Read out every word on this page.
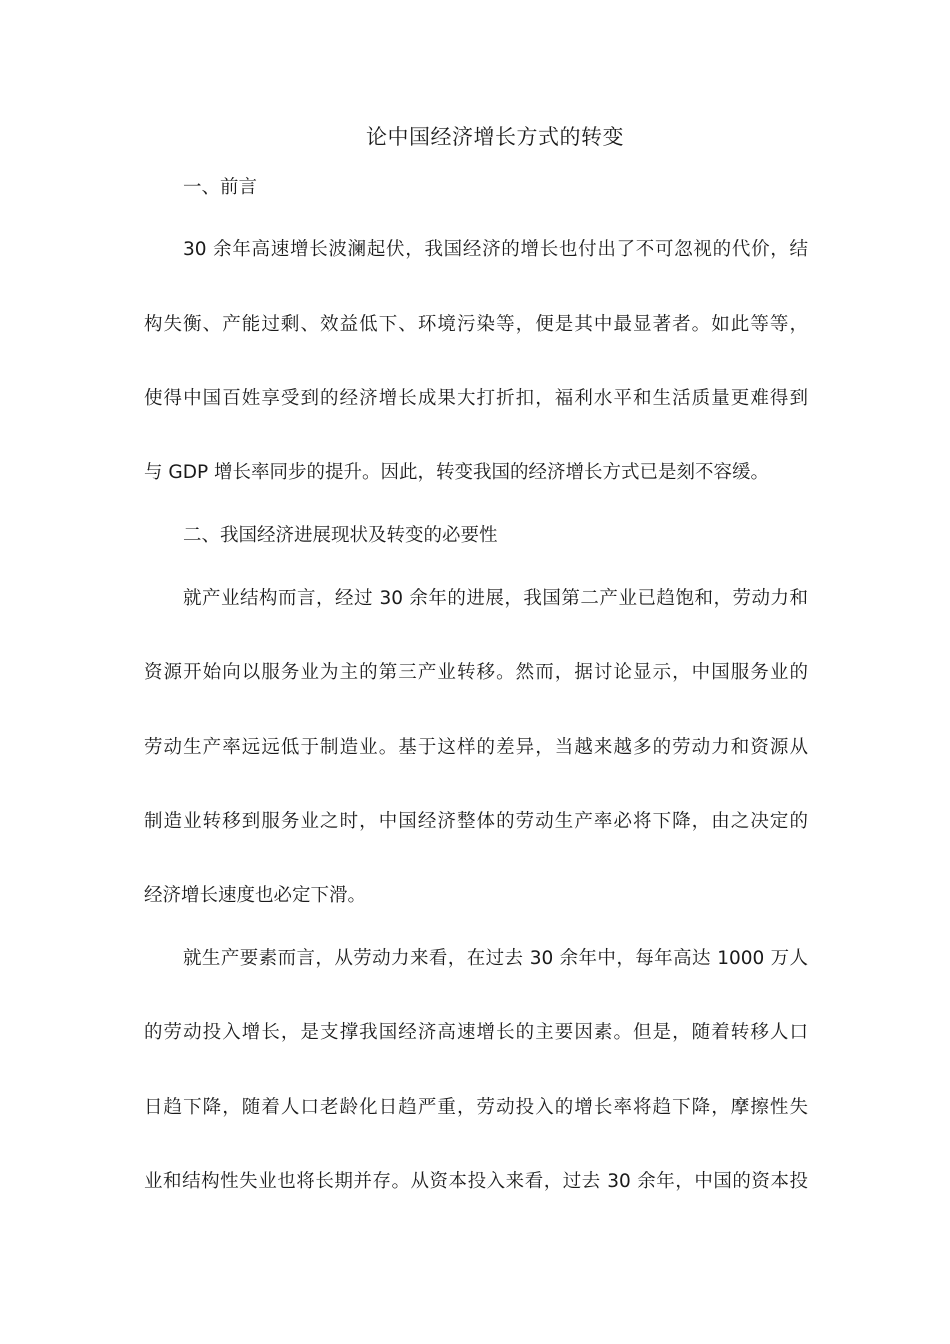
论中国经济增长方式的转变
一、前言
30 余年高速增长波澜起伏，我国经济的增长也付出了不可忽视的代价，结
构失衡、产能过剩、效益低下、环境污染等，便是其中最显著者。如此等等，
使得中国百姓享受到的经济增长成果大打折扣，福利水平和生活质量更难得到
与 GDP 增长率同步的提升。因此，转变我国的经济增长方式已是刻不容缓。
二、我国经济进展现状及转变的必要性
就产业结构而言，经过 30 余年的进展，我国第二产业已趋饱和，劳动力和
资源开始向以服务业为主的第三产业转移。然而，据讨论显示，中国服务业的
劳动生产率远远低于制造业。基于这样的差异，当越来越多的劳动力和资源从
制造业转移到服务业之时，中国经济整体的劳动生产率必将下降，由之决定的
经济增长速度也必定下滑。
就生产要素而言，从劳动力来看，在过去 30 余年中，每年高达 1000 万人
的劳动投入增长，是支撑我国经济高速增长的主要因素。但是，随着转移人口
日趋下降，随着人口老龄化日趋严重，劳动投入的增长率将趋下降，摩擦性失
业和结构性失业也将长期并存。从资本投入来看，过去 30 余年，中国的资本投
